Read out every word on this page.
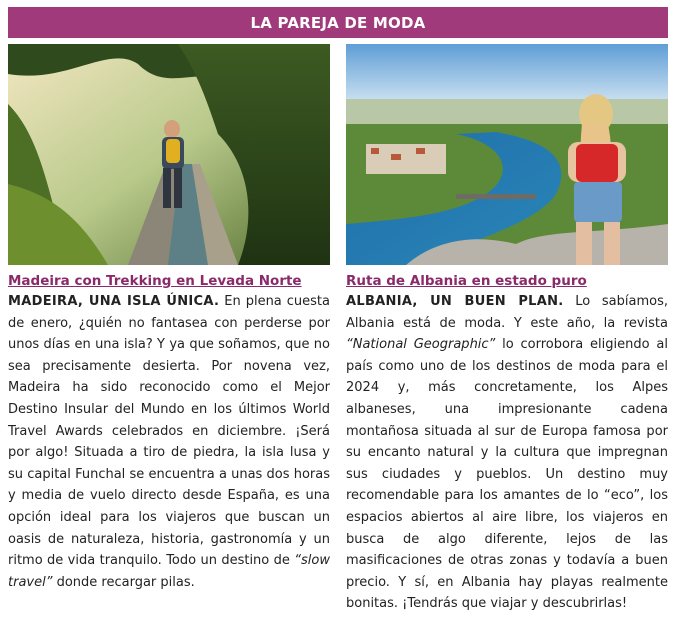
LA PAREJA DE MODA
Madeira con Trekking en Levada Norte

MADEIRA, UNA ISLA ÚNICA. En plena cuesta de enero, ¿quién no fantasea con perderse por unos días en una isla? Y ya que soñamos, que no sea precisamente desierta. Por novena vez, Madeira ha sido reconocido como el Mejor Destino Insular del Mundo en los últimos World Travel Awards celebrados en diciembre. ¡Será por algo! Situada a tiro de piedra, la isla lusa y su capital Funchal se encuentra a unas dos horas y media de vuelo directo desde España, es una opción ideal para los viajeros que buscan un oasis de naturaleza, historia, gastronomía y un ritmo de vida tranquilo. Todo un destino de “slow travel” donde recargar pilas.

Ruta de Albania en estado puro

ALBANIA, UN BUEN PLAN. Lo sabíamos, Albania está de moda. Y este año, la revista “National Geographic” lo corrobora eligiendo al país como uno de los destinos de moda para el 2024 y, más concretamente, los Alpes albaneses, una impresionante cadena montañosa situada al sur de Europa famosa por su encanto natural y la cultura que impregnan sus ciudades y pueblos. Un destino muy recomendable para los amantes de lo “eco”, los espacios abiertos al aire libre, los viajeros en busca de algo diferente, lejos de las masificaciones de otras zonas y todavía a buen precio. Y sí, en Albania hay playas realmente bonitas. ¡Tendrás que viajar y descubrirlas!
